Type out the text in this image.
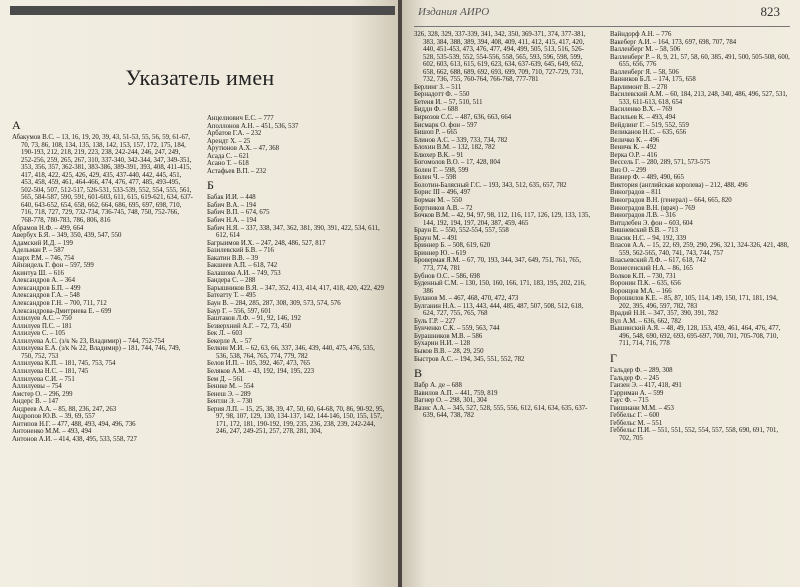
Указатель имен
А
Абакумов В.С. – 13, 16, 19, 20, 39, 43, 51-53, 55, 56, 59, 61-67, 70, 73, 86, 108, 134, 135, 138, 142, 153, 157, 172, 175, 184, 190-193, 212, 218, 219, 223, 238, 242-244, 246, 247, 249, 252-256, 259, 265, 267, 310, 337-340, 342-344, 347, 349-351, 353, 356, 357, 362-381, 383-386, 389-391, 393, 408, 411-415, 417, 418, 422, 425, 426, 429, 435, 437-440, 442, 445, 451, 453, 458, 459, 461, 464-466, 474, 476, 477, 485, 493-495, 502-504, 507, 512-517, 526-531, 533-539, 552, 554, 555, 561, 565, 584-587, 590, 591, 601-603, 611, 615, 619-621, 634, 637-640, 643-652, 654, 658, 662, 664, 686, 695, 697, 698, 710, 716, 718, 727, 729, 732-734, 736-745, 748, 750, 752-766, 768-778, 780-783, 786, 806, 816
Абрамов Н.Ф. – 499, 664
Авербух Б.Я. – 349, 350, 439, 547, 550
Адамский И.Д. – 199
Адельман Р. – 587
Азарх Р.М. – 746, 754
Айнзидель Г. фон – 597, 599
Акинтуа Ш. – 616
Александров А. – 364
Александров Б.П. – 499
Александров Г.А. – 548
Александров Г.Н. – 700, 711, 712
Александрова-Дмитриева Е. – 699
Аллилуев А.С. – 750
Аллилуев П.С. – 181
Аллилуев С. – 105
Аллилуева А.С. (з/к № 23, Владимир) – 744, 752-754
Аллилуева Е.А. (з/к № 22, Владимир) – 181, 744, 746, 749, 750, 752, 753
Аллилуева К.П. – 181, 745, 753, 754
Аллилуева Н.С. – 181, 745
Аллилуева С.И. – 751
Аллилуевы – 754
Амстер О. – 296, 299
Андерс В. – 147
Андреев А.А. – 85, 88, 236, 247, 263
Андропов Ю.В. – 39, 69, 557
Антипов Н.Г. – 477, 488, 493, 494, 496, 736
Антоненко М.М. – 493, 494
Антонов А.И. – 414, 438, 495, 533, 558, 727
Анцелиович Е.С. – 777
Аполлонов А.Н. – 451, 536, 537
Арбатов Г.А. – 232
Арендт Х. – 25
Арутюнов А.Х. – 47, 368
Асада С. – 621
Асано Т. – 618
Астафьев В.П. – 232
Б
Бабак И.И. – 448
Бабич В.А. – 194
Бабич В.П. – 674, 675
Бабич Н.А. – 194
Бабич Н.Я. – 337, 338, 347, 362, 381, 390, 391, 422, 534, 611, 612, 614
Багрыимов И.Х. – 247, 248, 486, 527, 817
Базилевский Б.В. – 716
Бакатин В.В. – 39
Бакшеев А.П. – 618, 742
Балашова А.И. – 749, 753
Бандера С. – 288
Барышников В.Я. – 347, 352, 413, 414, 417, 418, 420, 422, 429
Батеатту Т. – 495
Баун В. – 284, 285, 287, 308, 309, 573, 574, 576
Баур Г. – 556, 597, 601
Баштаков Л.Ф. – 91, 92, 146, 192
Безверхний А.Г. – 72, 73, 450
Бек Л. – 603
Бекерле А. – 57
Белкин М.И. – 62, 63, 66, 337, 346, 439, 440, 475, 476, 535, 536, 538, 764, 765, 774, 779, 782
Белов И.П. – 105, 392, 467, 473, 765
Беляков А.М. – 43, 192, 194, 195, 223
Бем Д. – 561
Беннке М. – 554
Бенеш Э. – 289
Бентли Э. – 730
Берия Л.П. – 15, 25, 38, 39, 47, 50, 60, 64-68, 70, 86, 90-92, 95, 97, 98, 107, 129, 130, 134-137, 142, 144-146, 150, 155, 157, 171, 172, 181, 190-192, 199, 235, 236, 238, 239, 242-244, 246, 247, 249-251, 257, 278, 281, 304,
Издания АИРО	823
326, 328, 329, 337-339, 341, 342, 350, 369-371, 374, 377-381, 383, 384, 388, 389, 394, 408, 409, 411, 412, 415, 417, 420, 440, 451-453, 473, 476, 477, 494, 499, 505, 513, 516, 526-528, 535-539, 552, 554-556, 558, 565, 593, 596, 598, 599, 602, 603, 613, 615, 619, 623, 634, 637-639, 645, 649, 652, 658, 662, 688, 689, 692, 693, 699, 709, 710, 727-729, 731, 732, 736, 755, 760-764, 766-768, 777-781
Берлинг З. – 511
Бернадотт Ф. – 550
Бетеня И. – 57, 510, 511
Бидди Ф. – 688
Бирюзов С.С. – 487, 636, 663, 664
Бисмарк О. фон – 597
Бишоп Р. – 665
Блинов А.С. – 339, 733, 734, 782
Блохин В.М. – 132, 182, 782
Блюхер В.К. – 91
Богомолов В.О. – 17, 428, 804
Болен Г. – 598, 599
Болен Ч. – 598
Болотин-Балясный Г.С. – 193, 343, 512, 635, 657, 782
Борис III – 496, 497
Борман М. – 550
Бортников А.В. – 72
Бочков В.М. – 42, 94, 97, 98, 112, 116, 117, 126, 129, 133, 135, 144, 192, 194, 197, 204, 387, 459, 465
Браун Е. – 550, 552-554, 557, 558
Браун М. – 491
Бриннер Б. – 508, 619, 620
Бриннер Ю. – 619
Бровермая Я.М. – 67, 70, 193, 344, 347, 649, 751, 761, 765, 773, 774, 781
Бубнов О.С. – 586, 698
Буденный С.М. – 130, 150, 160, 166, 171, 183, 195, 202, 216, 386
Буланов М. – 467, 468, 470, 472, 473
Булганин Н.А. – 113, 443, 444, 485, 487, 507, 508, 512, 618, 624, 727, 755, 765, 768
Буль Г.Р. – 227
Бунченко С.К. – 559, 563, 744
Бурашников М.В. – 586
Бухарин Н.И. – 128
Быков В.В. – 28, 29, 250
Быстров А.С. – 194, 345, 551, 552, 782
В
Вабр А. де – 688
Вавилов А.П. – 441, 759, 819
Вагнер О. – 298, 301, 304
Вазис А.А. – 345, 527, 528, 555, 556, 612, 614, 634, 635, 637-639, 644, 738, 782
Вайндорф А.Н. – 776
Вакеберг А.И. – 164, 173, 697, 698, 707, 784
Валленберг М. – 58, 506
Валленберг Р. – 8, 9, 21, 57, 58, 60, 385, 491, 500, 505-508, 600, 655, 656, 776
Валленберг Я. – 58, 506
Ванников Б.Л. – 174, 175, 658
Варлимонт В. – 278
Василевский А.М. – 60, 184, 213, 248, 340, 486, 496, 527, 531, 533, 611-613, 618, 654
Василенко В.Х. – 769
Васильев К. – 493, 494
Вейдлинг Г. – 519, 552, 559
Великанов Н.С. – 635, 656
Величко К. – 496
Веничк К. – 492
Верка О.Р. – 416
Вессель Г. – 280, 289, 571, 573-575
Виз О. – 299
Визнер Ф. – 489, 490, 665
Виктория (английская королева) – 212, 488, 496
Виноградов – 811
Виноградов В.Н. (генерал) – 664, 665, 820
Виноградов В.Н. (врач) – 769
Виноградов Л.В. – 316
Витцлебен Э. фон – 603, 604
Вишневский В.В. – 713
Власик Н.С. – 94, 192, 339
Власов А.А. – 15, 22, 69, 259, 290, 296, 321, 324-326, 421, 488, 559, 562-565, 740, 741, 743, 744, 757
Власьевский Л.Ф. – 617, 618, 742
Вознесенский Н.А. – 86, 165
Волков К.П. – 730, 731
Воронин П.К. – 635, 656
Воронцов М.А. – 166
Ворошилов К.Е. – 85, 87, 105, 114, 149, 150, 171, 181, 194, 202, 395, 496, 597, 782, 783
Врадий Н.Н. – 347, 357, 390, 391, 782
Вул А.М. – 636, 662, 782
Вышинский А.Я. – 48, 49, 128, 153, 459, 461, 464, 476, 477, 496, 548, 690, 692, 693, 695-697, 700, 701, 705-708, 710, 711, 714, 716, 778
Г
Гальдер Ф. – 289, 308
Гальдер Ф. – 245
Ганзен Э. – 417, 418, 491
Гарриман А. – 599
Гаус Ф. – 715
Гвишиани М.М. – 453
Геббельс Г. – 600
Геббельс М. – 551
Геббельс П.И. – 551, 551, 552, 554, 557, 558, 690, 691, 701, 702, 705
